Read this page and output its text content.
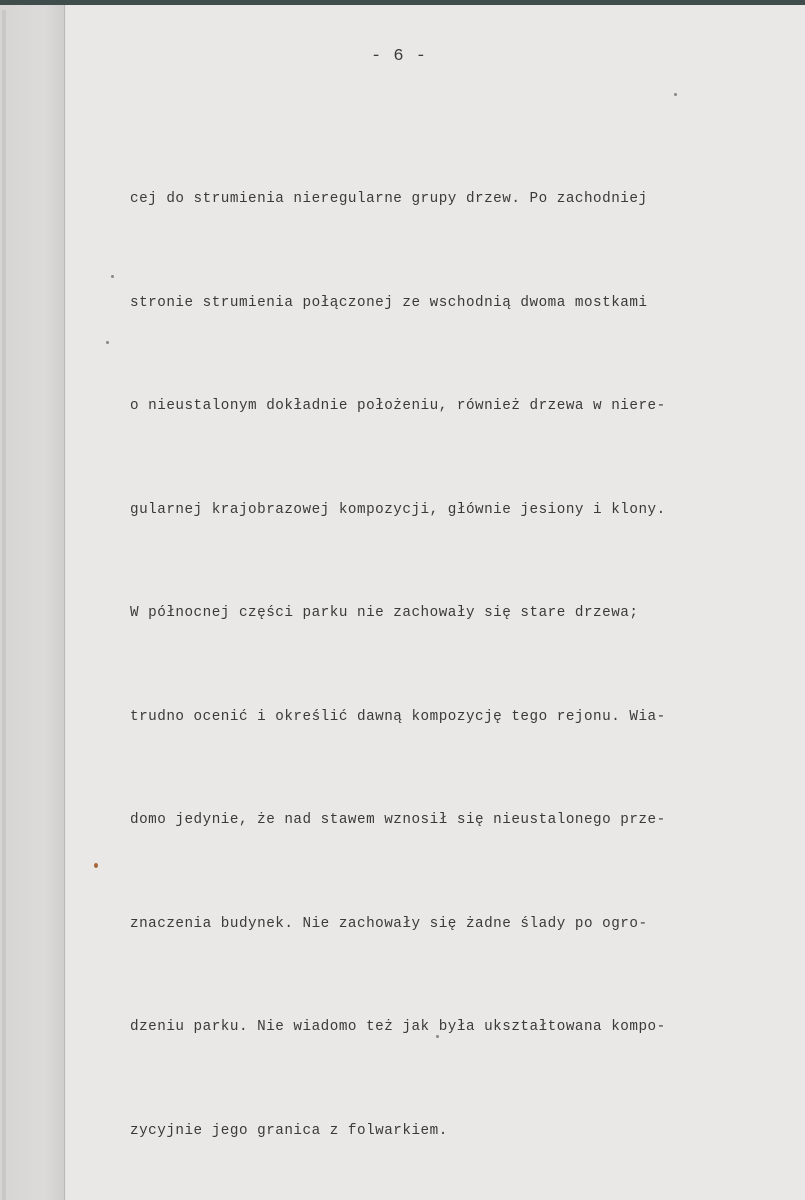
- 6 -

cej do strumienia nieregularne grupy drzew. Po zachodniej

stronie strumienia połączonej ze wschodnią dwoma mostkami

o nieustalonym dokładnie położeniu, również drzewa w niere-

gularnej krajobrazowej kompozycji, głównie jesiony i klony.

W północnej części parku nie zachowały się stare drzewa;

trudno ocenić i określić dawną kompozycję tego rejonu. Wia-

domo jedynie, że nad stawem wznosił się nieustalonego prze-

znaczenia budynek. Nie zachowały się żadne ślady po ogro-

dzeniu parku. Nie wiadomo też jak była ukształtowana kompo-

zycyjnie jego granica z folwarkiem.
